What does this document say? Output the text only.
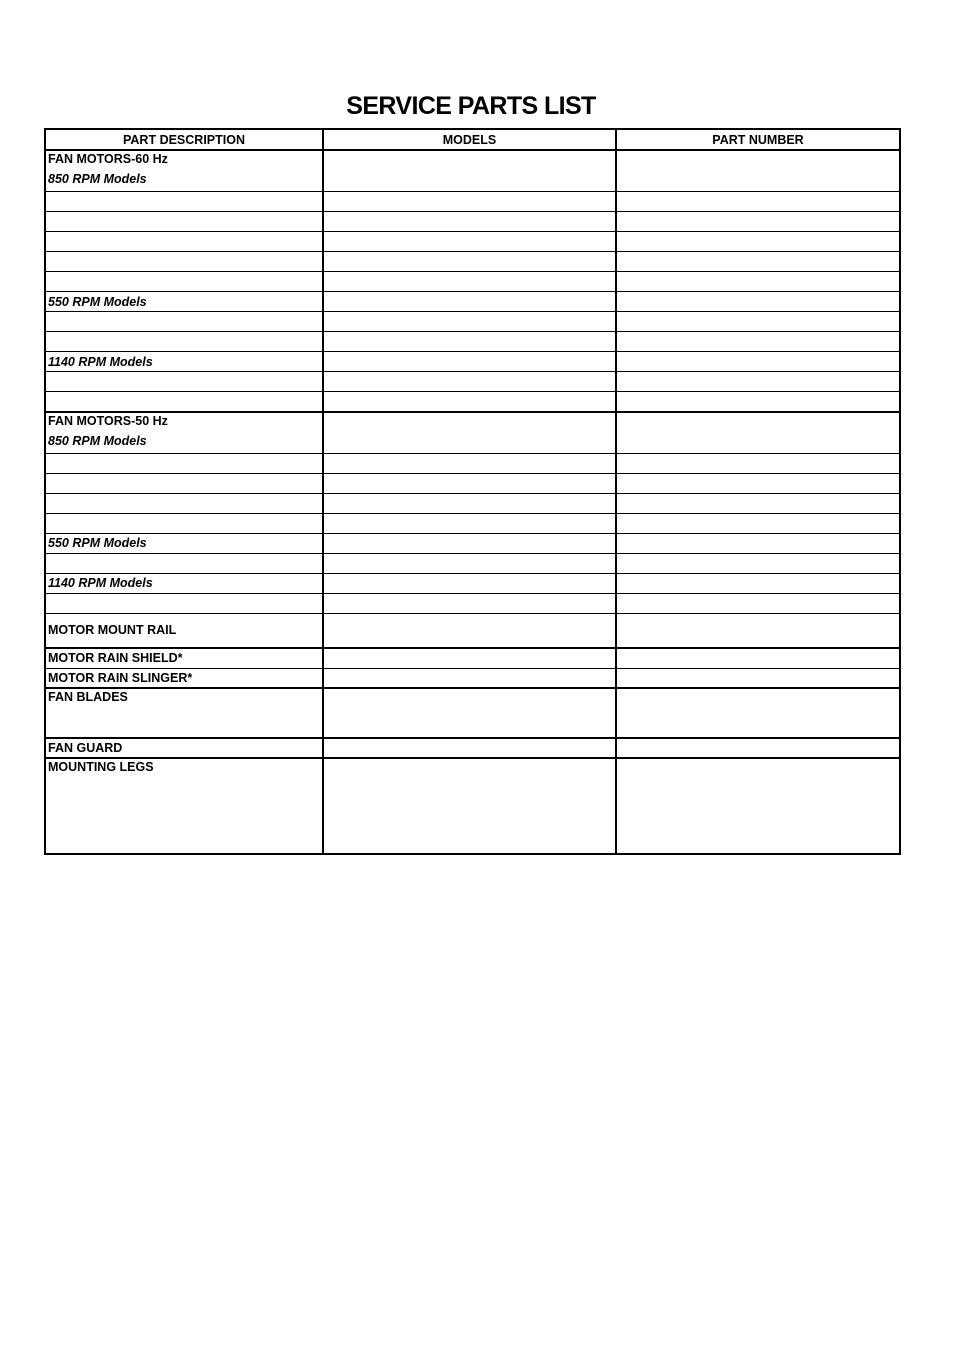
SERVICE PARTS LIST
PART DESCRIPTION	MODELS	PART NUMBER

FAN MOTORS-60 Hz
850 RPM Models		

550 RPM Models		

1140 RPM Models		

FAN MOTORS-50 Hz
850 RPM Models		

550 RPM Models		

1140 RPM Models		

MOTOR MOUNT RAIL		
MOTOR RAIN SHIELD*		
MOTOR RAIN SLINGER*		

FAN BLADES		

FAN GUARD		

MOUNTING LEGS		
